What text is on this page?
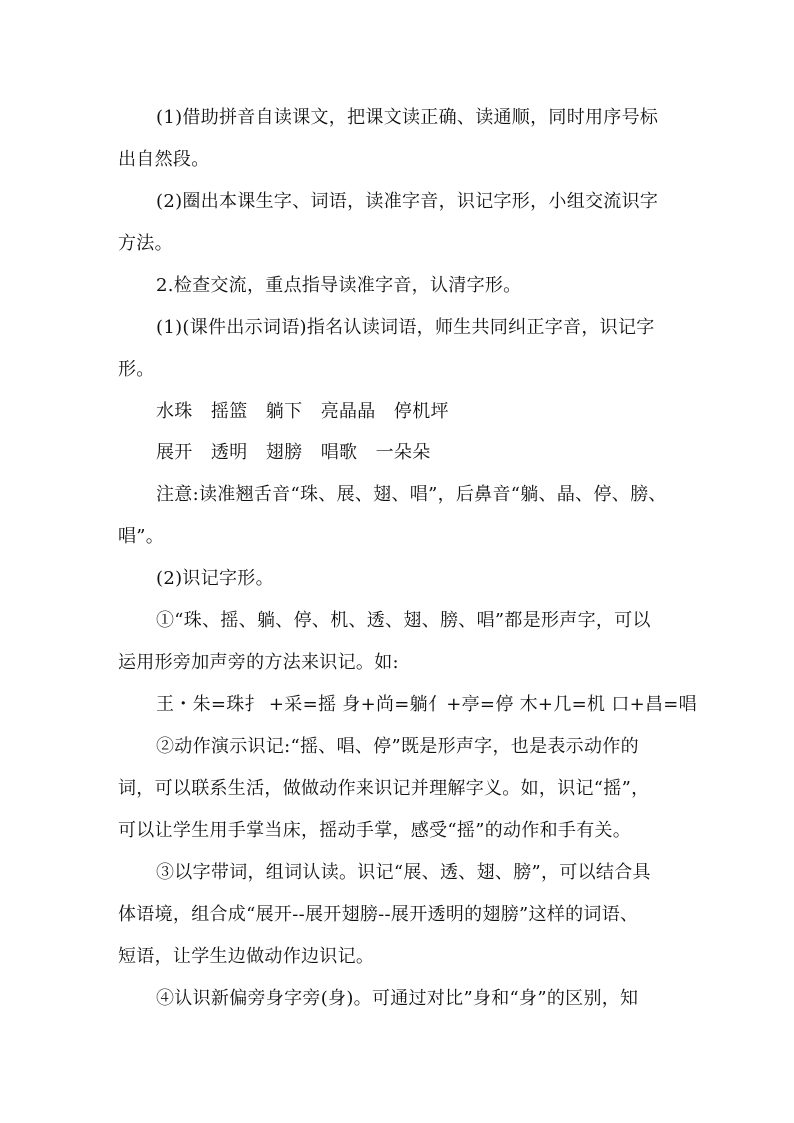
(1)借助拼音自读课文，把课文读正确、读通顺，同时用序号标
出自然段。
(2)圈出本课生字、词语，读准字音，识记字形，小组交流识字
方法。
2.检查交流，重点指导读准字音，认清字形。
(1)(课件出示词语)指名认读词语，师生共同纠正字音，识记字
形。
水珠　摇篮　躺下　亮晶晶　停机坪
展开　透明　翅膀　唱歌　一朵朵
注意:读准翘舌音“珠、展、翅、唱”，后鼻音“躺、晶、停、膀、
唱”。
(2)识记字形。
①“珠、摇、躺、停、机、透、翅、膀、唱”都是形声字，可以
运用形旁加声旁的方法来识记。如:
王・朱=珠扌 +采=摇 身+尚=躺亻+亭=停 木+几=机 口+昌=唱
②动作演示识记:“摇、唱、停”既是形声字，也是表示动作的
词，可以联系生活，做做动作来识记并理解字义。如，识记“摇”，
可以让学生用手掌当床，摇动手掌，感受“摇”的动作和手有关。
③以字带词，组词认读。识记“展、透、翅、膀”，可以结合具
体语境，组合成“展开--展开翅膀--展开透明的翅膀”这样的词语、
短语，让学生边做动作边识记。
④认识新偏旁身字旁(身)。可通过对比”身和“身”的区别，知
